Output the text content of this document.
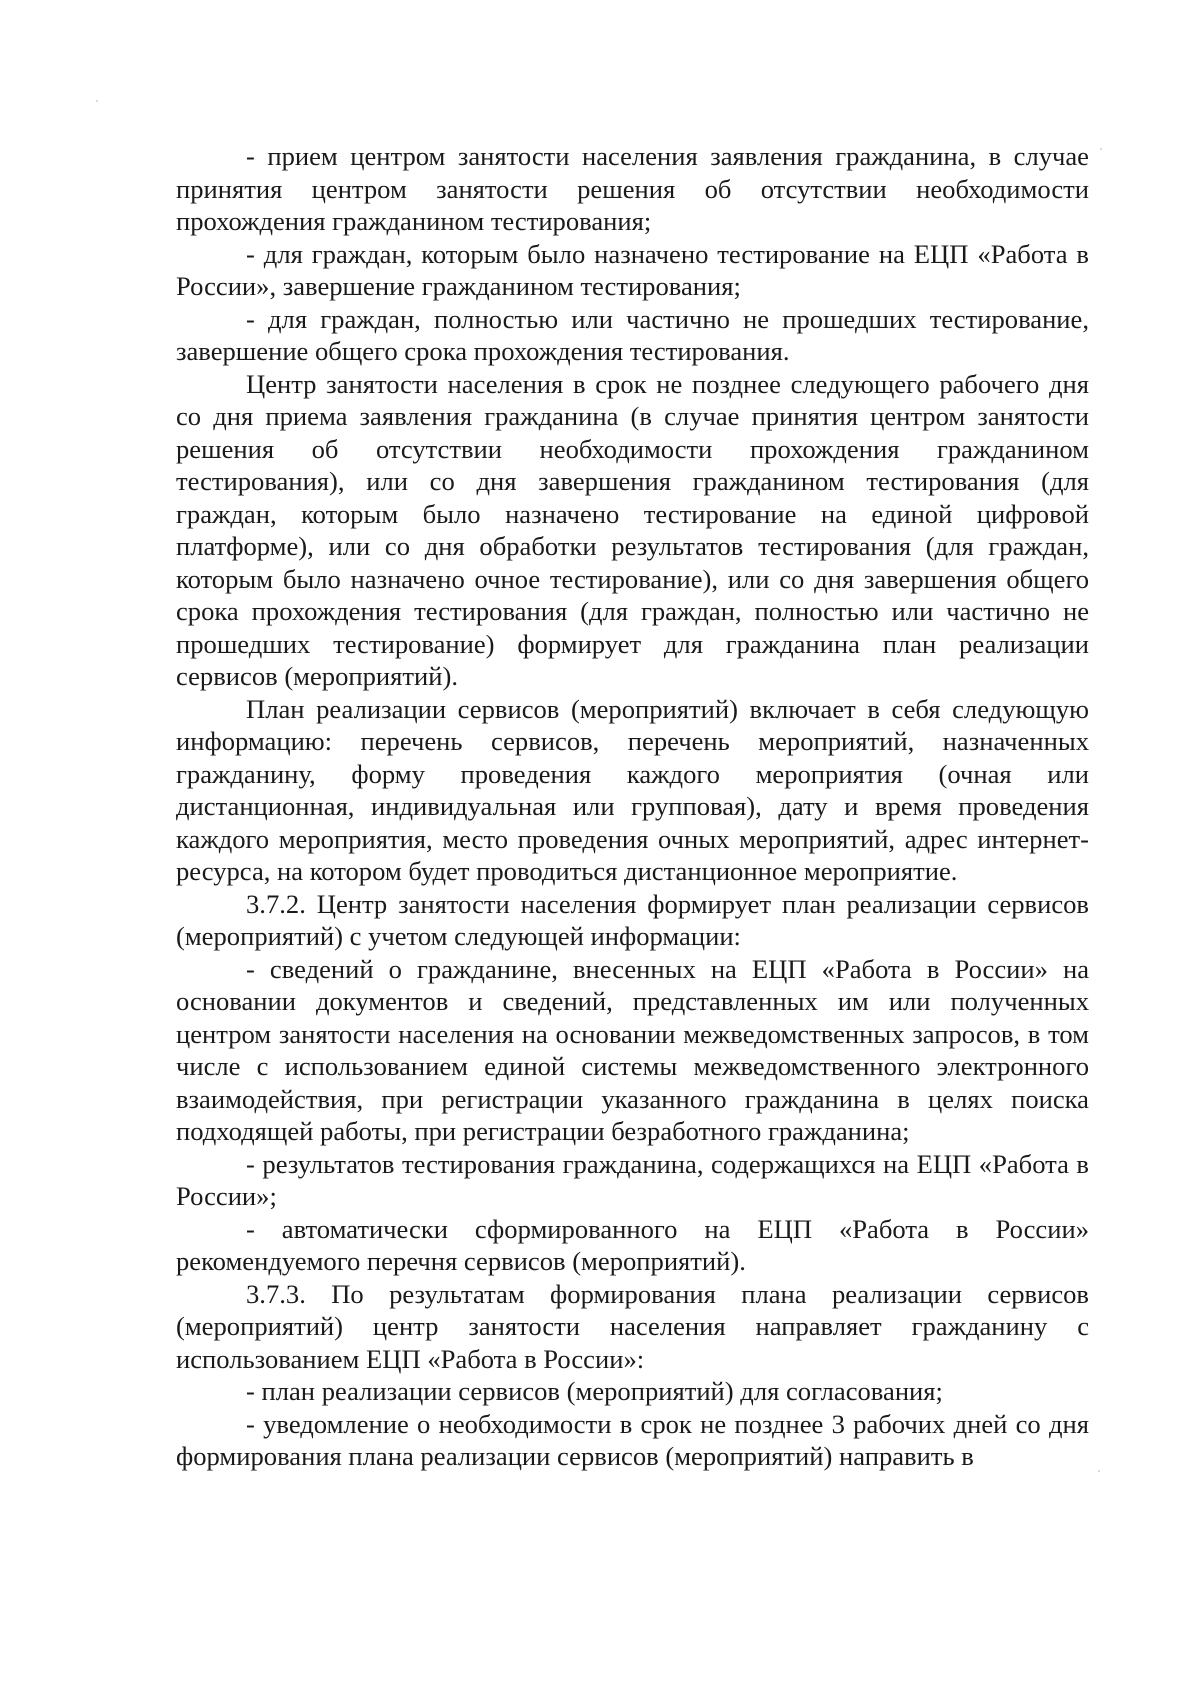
- прием центром занятости населения заявления гражданина, в случае принятия центром занятости решения об отсутствии необходимости прохождения гражданином тестирования;

- для граждан, которым было назначено тестирование на ЕЦП «Работа в России», завершение гражданином тестирования;

- для граждан, полностью или частично не прошедших тестирование, завершение общего срока прохождения тестирования.

Центр занятости населения в срок не позднее следующего рабочего дня со дня приема заявления гражданина (в случае принятия центром занятости решения об отсутствии необходимости прохождения гражданином тестирования), или со дня завершения гражданином тестирования (для граждан, которым было назначено тестирование на единой цифровой платформе), или со дня обработки результатов тестирования (для граждан, которым было назначено очное тестирование), или со дня завершения общего срока прохождения тестирования (для граждан, полностью или частично не прошедших тестирование) формирует для гражданина план реализации сервисов (мероприятий).

План реализации сервисов (мероприятий) включает в себя следующую информацию: перечень сервисов, перечень мероприятий, назначенных гражданину, форму проведения каждого мероприятия (очная или дистанционная, индивидуальная или групповая), дату и время проведения каждого мероприятия, место проведения очных мероприятий, адрес интернет-ресурса, на котором будет проводиться дистанционное мероприятие.

3.7.2. Центр занятости населения формирует план реализации сервисов (мероприятий) с учетом следующей информации:

- сведений о гражданине, внесенных на ЕЦП «Работа в России» на основании документов и сведений, представленных им или полученных центром занятости населения на основании межведомственных запросов, в том числе с использованием единой системы межведомственного электронного взаимодействия, при регистрации указанного гражданина в целях поиска подходящей работы, при регистрации безработного гражданина;

- результатов тестирования гражданина, содержащихся на ЕЦП «Работа в России»;

- автоматически сформированного на ЕЦП «Работа в России» рекомендуемого перечня сервисов (мероприятий).

3.7.3. По результатам формирования плана реализации сервисов (мероприятий) центр занятости населения направляет гражданину с использованием ЕЦП «Работа в России»:

- план реализации сервисов (мероприятий) для согласования;

- уведомление о необходимости в срок не позднее 3 рабочих дней со дня формирования плана реализации сервисов (мероприятий) направить в
